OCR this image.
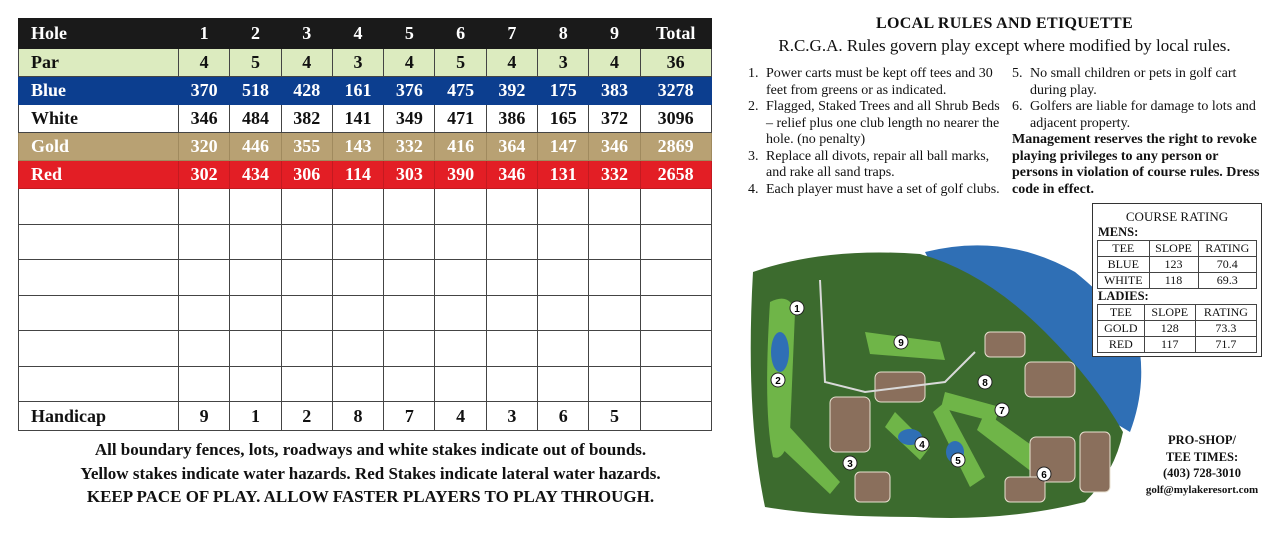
Hole	1	2	3	4	5	6	7	8	9	Total
Par	4	5	4	3	4	5	4	3	4	36
Blue	370	518	428	161	376	475	392	175	383	3278
White	346	484	382	141	349	471	386	165	372	3096
Gold	320	446	355	143	332	416	364	147	346	2869
Red	302	434	306	114	303	390	346	131	332	2658

Handicap	9	1	2	8	7	4	3	6	5	
All boundary fences, lots, roadways and white stakes indicate out of bounds.
Yellow stakes indicate water hazards. Red Stakes indicate lateral water hazards.
KEEP PACE OF PLAY. ALLOW FASTER PLAYERS TO PLAY THROUGH.
LOCAL RULES AND ETIQUETTE
R.C.G.A. Rules govern play except where modified by local rules.
1. Power carts must be kept off tees and 30 feet from greens or as indicated.
2. Flagged, Staked Trees and all Shrub Beds – relief plus one club length no nearer the hole. (no penalty)
3. Replace all divots, repair all ball marks, and rake all sand traps.
4. Each player must have a set of golf clubs.
5. No small children or pets in golf cart during play.
6. Golfers are liable for damage to lots and adjacent property.
Management reserves the right to revoke playing privileges to any person or persons in violation of course rules. Dress code in effect.
1
2
3
4
5
6
7
8
9
COURSE RATING
MENS:
TEE	SLOPE	RATING
BLUE	123	70.4
WHITE	118	69.3
LADIES:
TEE	SLOPE	RATING
GOLD	128	73.3
RED	117	71.7
PRO-SHOP/
TEE TIMES:
(403) 728-3010
golf@mylakeresort.com
